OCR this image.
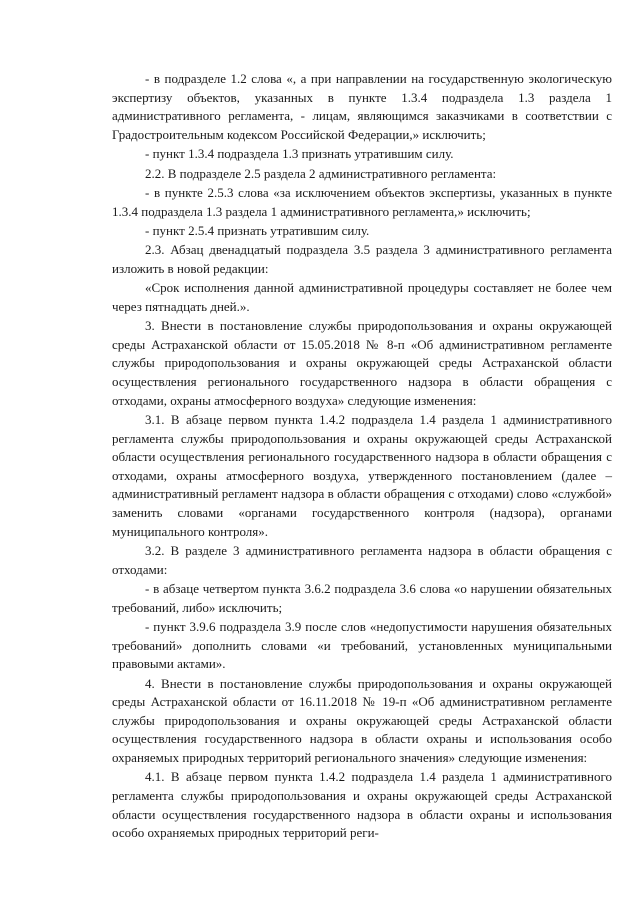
- в подразделе 1.2 слова «, а при направлении на государственную экологическую экспертизу объектов, указанных в пункте 1.3.4 подраздела 1.3 раздела 1 административного регламента, - лицам, являющимся заказчиками в соответствии с Градостроительным кодексом Российской Федерации,» исключить;

- пункт 1.3.4 подраздела 1.3 признать утратившим силу.

2.2. В подразделе 2.5 раздела 2 административного регламента:

- в пункте 2.5.3 слова «за исключением объектов экспертизы, указанных в пункте 1.3.4 подраздела 1.3 раздела 1 административного регламента,» исключить;

- пункт 2.5.4 признать утратившим силу.

2.3. Абзац двенадцатый подраздела 3.5 раздела 3 административного регламента изложить в новой редакции:

«Срок исполнения данной административной процедуры составляет не более чем через пятнадцать дней.».

3. Внести в постановление службы природопользования и охраны окружающей среды Астраханской области от 15.05.2018 № 8-п «Об административном регламенте службы природопользования и охраны окружающей среды Астраханской области осуществления регионального государственного надзора в области обращения с отходами, охраны атмосферного воздуха» следующие изменения:

3.1. В абзаце первом пункта 1.4.2 подраздела 1.4 раздела 1 административного регламента службы природопользования и охраны окружающей среды Астраханской области осуществления регионального государственного надзора в области обращения с отходами, охраны атмосферного воздуха, утвержденного постановлением (далее – административный регламент надзора в области обращения с отходами) слово «службой» заменить словами «органами государственного контроля (надзора), органами муниципального контроля».

3.2. В разделе 3 административного регламента надзора в области обращения с отходами:

- в абзаце четвертом пункта 3.6.2 подраздела 3.6 слова «о нарушении обязательных требований, либо» исключить;

- пункт 3.9.6 подраздела 3.9 после слов «недопустимости нарушения обязательных требований» дополнить словами «и требований, установленных муниципальными правовыми актами».

4. Внести в постановление службы природопользования и охраны окружающей среды Астраханской области от 16.11.2018 № 19-п «Об административном регламенте службы природопользования и охраны окружающей среды Астраханской области осуществления государственного надзора в области охраны и использования особо охраняемых природных территорий регионального значения» следующие изменения:

4.1. В абзаце первом пункта 1.4.2 подраздела 1.4 раздела 1 административного регламента службы природопользования и охраны окружающей среды Астраханской области осуществления государственного надзора в области охраны и использования особо охраняемых природных территорий реги-
